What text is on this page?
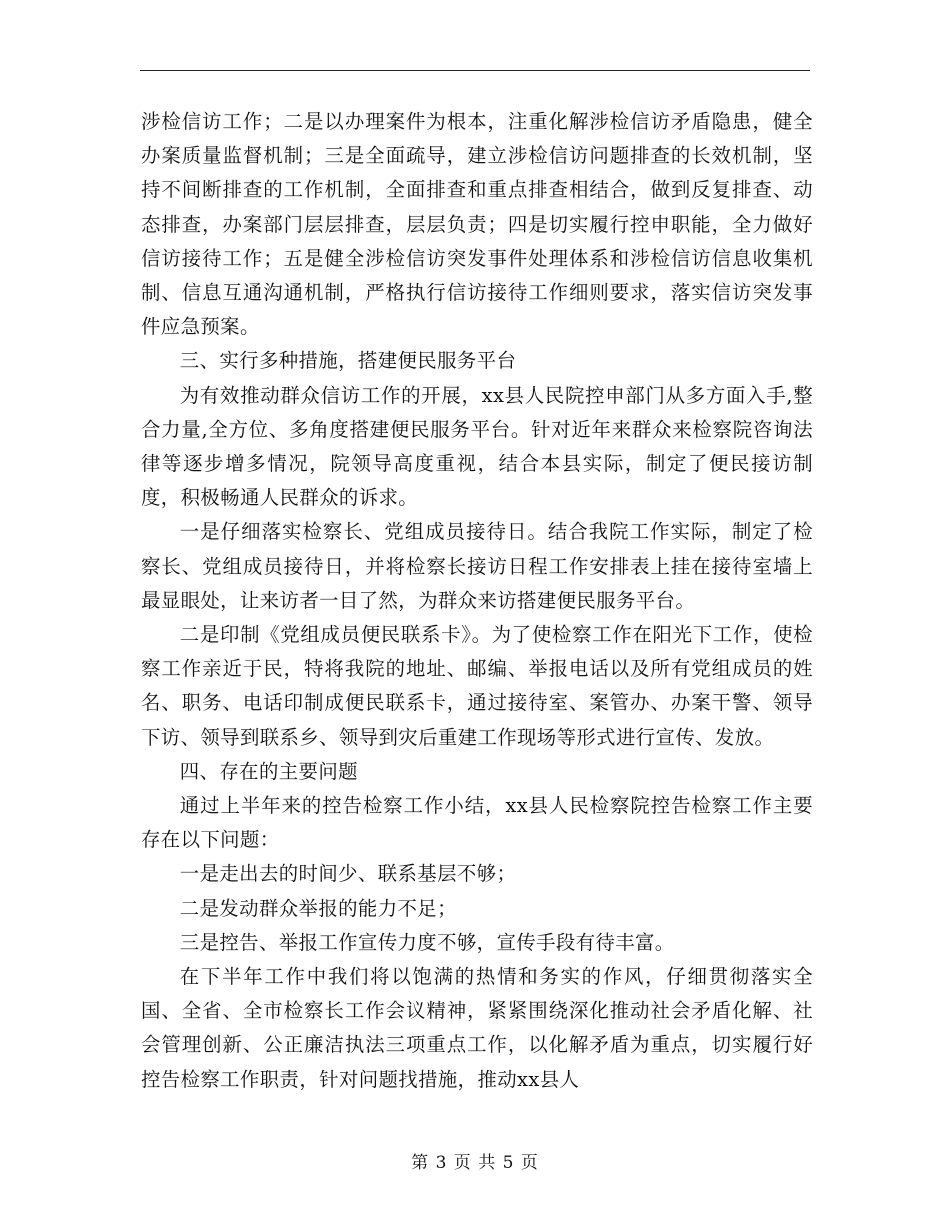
涉检信访工作；二是以办理案件为根本，注重化解涉检信访矛盾隐患，健全办案质量监督机制；三是全面疏导，建立涉检信访问题排查的长效机制，坚持不间断排查的工作机制，全面排查和重点排查相结合，做到反复排查、动态排查，办案部门层层排查，层层负责；四是切实履行控申职能，全力做好信访接待工作；五是健全涉检信访突发事件处理体系和涉检信访信息收集机制、信息互通沟通机制，严格执行信访接待工作细则要求，落实信访突发事件应急预案。

三、实行多种措施，搭建便民服务平台

为有效推动群众信访工作的开展，xx县人民院控申部门从多方面入手,整合力量,全方位、多角度搭建便民服务平台。针对近年来群众来检察院咨询法律等逐步增多情况，院领导高度重视，结合本县实际，制定了便民接访制度，积极畅通人民群众的诉求。

一是仔细落实检察长、党组成员接待日。结合我院工作实际，制定了检察长、党组成员接待日，并将检察长接访日程工作安排表上挂在接待室墙上最显眼处，让来访者一目了然，为群众来访搭建便民服务平台。

二是印制《党组成员便民联系卡》。为了使检察工作在阳光下工作，使检察工作亲近于民，特将我院的地址、邮编、举报电话以及所有党组成员的姓名、职务、电话印制成便民联系卡，通过接待室、案管办、办案干警、领导下访、领导到联系乡、领导到灾后重建工作现场等形式进行宣传、发放。

四、存在的主要问题

通过上半年来的控告检察工作小结，xx县人民检察院控告检察工作主要存在以下问题：

一是走出去的时间少、联系基层不够；

二是发动群众举报的能力不足；

三是控告、举报工作宣传力度不够，宣传手段有待丰富。

在下半年工作中我们将以饱满的热情和务实的作风，仔细贯彻落实全国、全省、全市检察长工作会议精神，紧紧围绕深化推动社会矛盾化解、社会管理创新、公正廉洁执法三项重点工作，以化解矛盾为重点，切实履行好控告检察工作职责，针对问题找措施，推动xx县人

第 3 页 共 5 页
